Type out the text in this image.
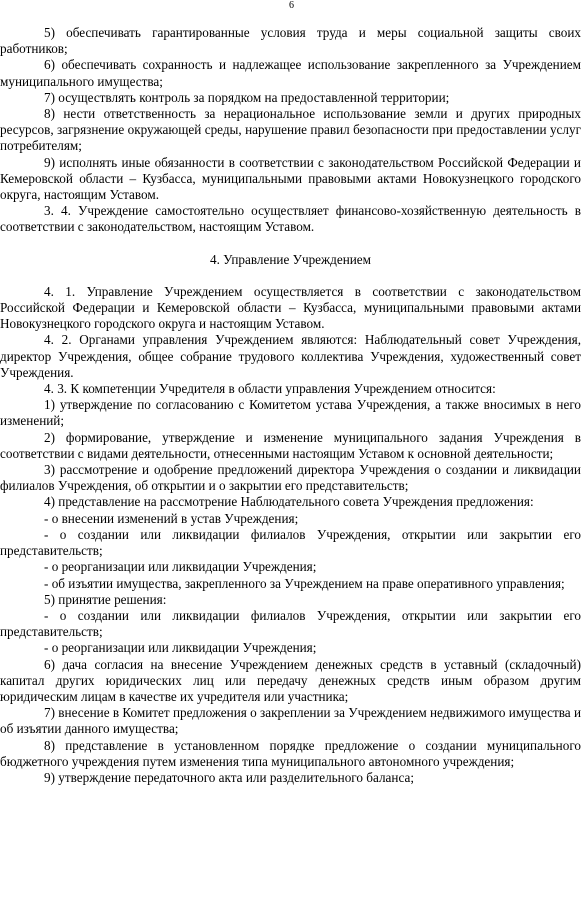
6

5) обеспечивать гарантированные условия труда и меры социальной защиты своих работников;

6) обеспечивать сохранность и надлежащее использование закрепленного за Учреждением муниципального имущества;

7) осуществлять контроль за порядком на предоставленной территории;

8) нести ответственность за нерациональное использование земли и других природных ресурсов, загрязнение окружающей среды, нарушение правил безопасности при предоставлении услуг потребителям;

9) исполнять иные обязанности в соответствии с законодательством Российской Федерации и Кемеровской области – Кузбасса, муниципальными правовыми актами Новокузнецкого городского округа, настоящим Уставом.

3. 4. Учреждение самостоятельно осуществляет финансово-хозяйственную деятельность в соответствии с законодательством, настоящим Уставом.

4. Управление Учреждением

4. 1. Управление Учреждением осуществляется в соответствии с законодательством Российской Федерации и Кемеровской области – Кузбасса, муниципальными правовыми актами Новокузнецкого городского округа и настоящим Уставом.

4. 2. Органами управления Учреждением являются: Наблюдательный совет Учреждения, директор Учреждения, общее собрание трудового коллектива Учреждения, художественный совет Учреждения.

4. 3. К компетенции Учредителя в области управления Учреждением относится:

1) утверждение по согласованию с Комитетом устава Учреждения, а также вносимых в него изменений;

2) формирование, утверждение и изменение муниципального задания Учреждения в соответствии с видами деятельности, отнесенными настоящим Уставом к основной деятельности;

3) рассмотрение и одобрение предложений директора Учреждения о создании и ликвидации филиалов Учреждения, об открытии и о закрытии его представительств;

4) представление на рассмотрение Наблюдательного совета Учреждения предложения:

- о внесении изменений в устав Учреждения;

- о создании или ликвидации филиалов Учреждения, открытии или закрытии его представительств;

- о реорганизации или ликвидации Учреждения;

- об изъятии имущества, закрепленного за Учреждением на праве оперативного управления;

5) принятие решения:

- о создании или ликвидации филиалов Учреждения, открытии или закрытии его представительств;

- о реорганизации или ликвидации Учреждения;

6) дача согласия на внесение Учреждением денежных средств в уставный (складочный) капитал других юридических лиц или передачу денежных средств иным образом другим юридическим лицам в качестве их учредителя или участника;

7) внесение в Комитет предложения о закреплении за Учреждением недвижимого имущества и об изъятии данного имущества;

8) представление в установленном порядке предложение о создании муниципального бюджетного учреждения путем изменения типа муниципального автономного учреждения;

9) утверждение передаточного акта или разделительного баланса;
